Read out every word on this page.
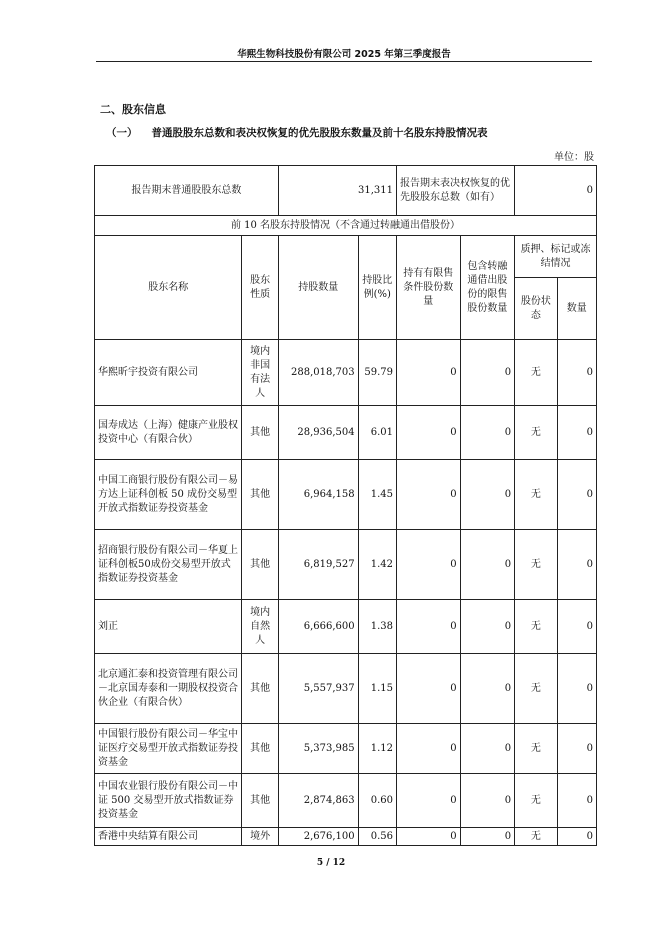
华熙生物科技股份有限公司 2025 年第三季度报告
二、股东信息
（一） 普通股股东总数和表决权恢复的优先股股东数量及前十名股东持股情况表
单位：股
报告期末普通股股东总数		31,311		报告期末表决权恢复的优先股股东总数（如有）		0	
前 10 名股东持股情况（不含通过转融通出借股份）							
股东名称	股东性质	持股数量	持股比例(%)	持有有限售条件股份数量	包含转融通借出股份的限售股份数量	质押、标记或冻结情况	
						股份状态	数量
华熙昕宇投资有限公司	境内非国有法人	288,018,703	59.79	0	0	无	0
国寿成达（上海）健康产业股权投资中心（有限合伙）	其他	28,936,504	6.01	0	0	无	0
中国工商银行股份有限公司－易方达上证科创板 50 成份交易型开放式指数证券投资基金	其他	6,964,158	1.45	0	0	无	0
招商银行股份有限公司－华夏上证科创板50成份交易型开放式指数证券投资基金	其他	6,819,527	1.42	0	0	无	0
刘正	境内自然人	6,666,600	1.38	0	0	无	0
北京通汇泰和投资管理有限公司－北京国寿泰和一期股权投资合伙企业（有限合伙）	其他	5,557,937	1.15	0	0	无	0
中国银行股份有限公司－华宝中证医疗交易型开放式指数证券投资基金	其他	5,373,985	1.12	0	0	无	0
中国农业银行股份有限公司－中证 500 交易型开放式指数证券投资基金	其他	2,874,863	0.60	0	0	无	0
香港中央结算有限公司	境外	2,676,100	0.56	0	0	无	0
5 / 12
